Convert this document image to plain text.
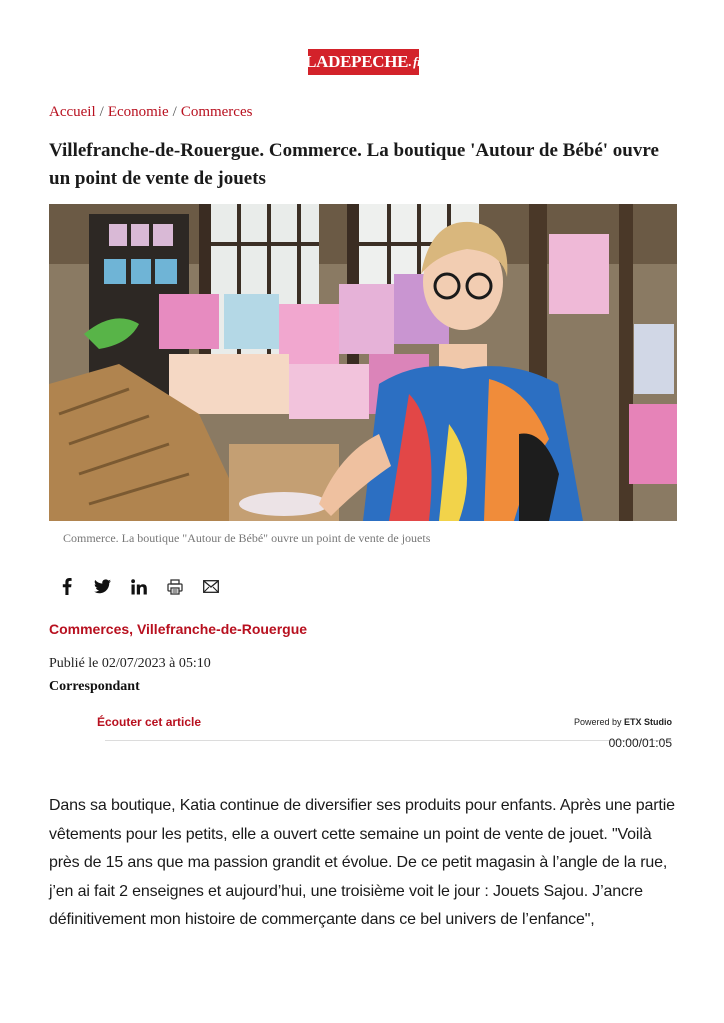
LADEPECHE . fr
Accueil / Economie / Commerces
Villefranche-de-Rouergue. Commerce. La boutique 'Autour de Bébé' ouvre un point de vente de jouets
Commerce. La boutique "Autour de Bébé" ouvre un point de vente de jouets
Commerces, Villefranche-de-Rouergue
Publié le 02/07/2023 à 05:10
Correspondant
Écouter cet article	Powered by ETX Studio
00:00/01:05
Dans sa boutique, Katia continue de diversifier ses produits pour enfants. Après une partie vêtements pour les petits, elle a ouvert cette semaine un point de vente de jouet. "Voilà près de 15 ans que ma passion grandit et évolue. De ce petit magasin à l’angle de la rue, j’en ai fait 2 enseignes et aujourd’hui, une troisième voit le jour : Jouets Sajou. J’ancre définitivement mon histoire de commerçante dans ce bel univers de l’enfance",
